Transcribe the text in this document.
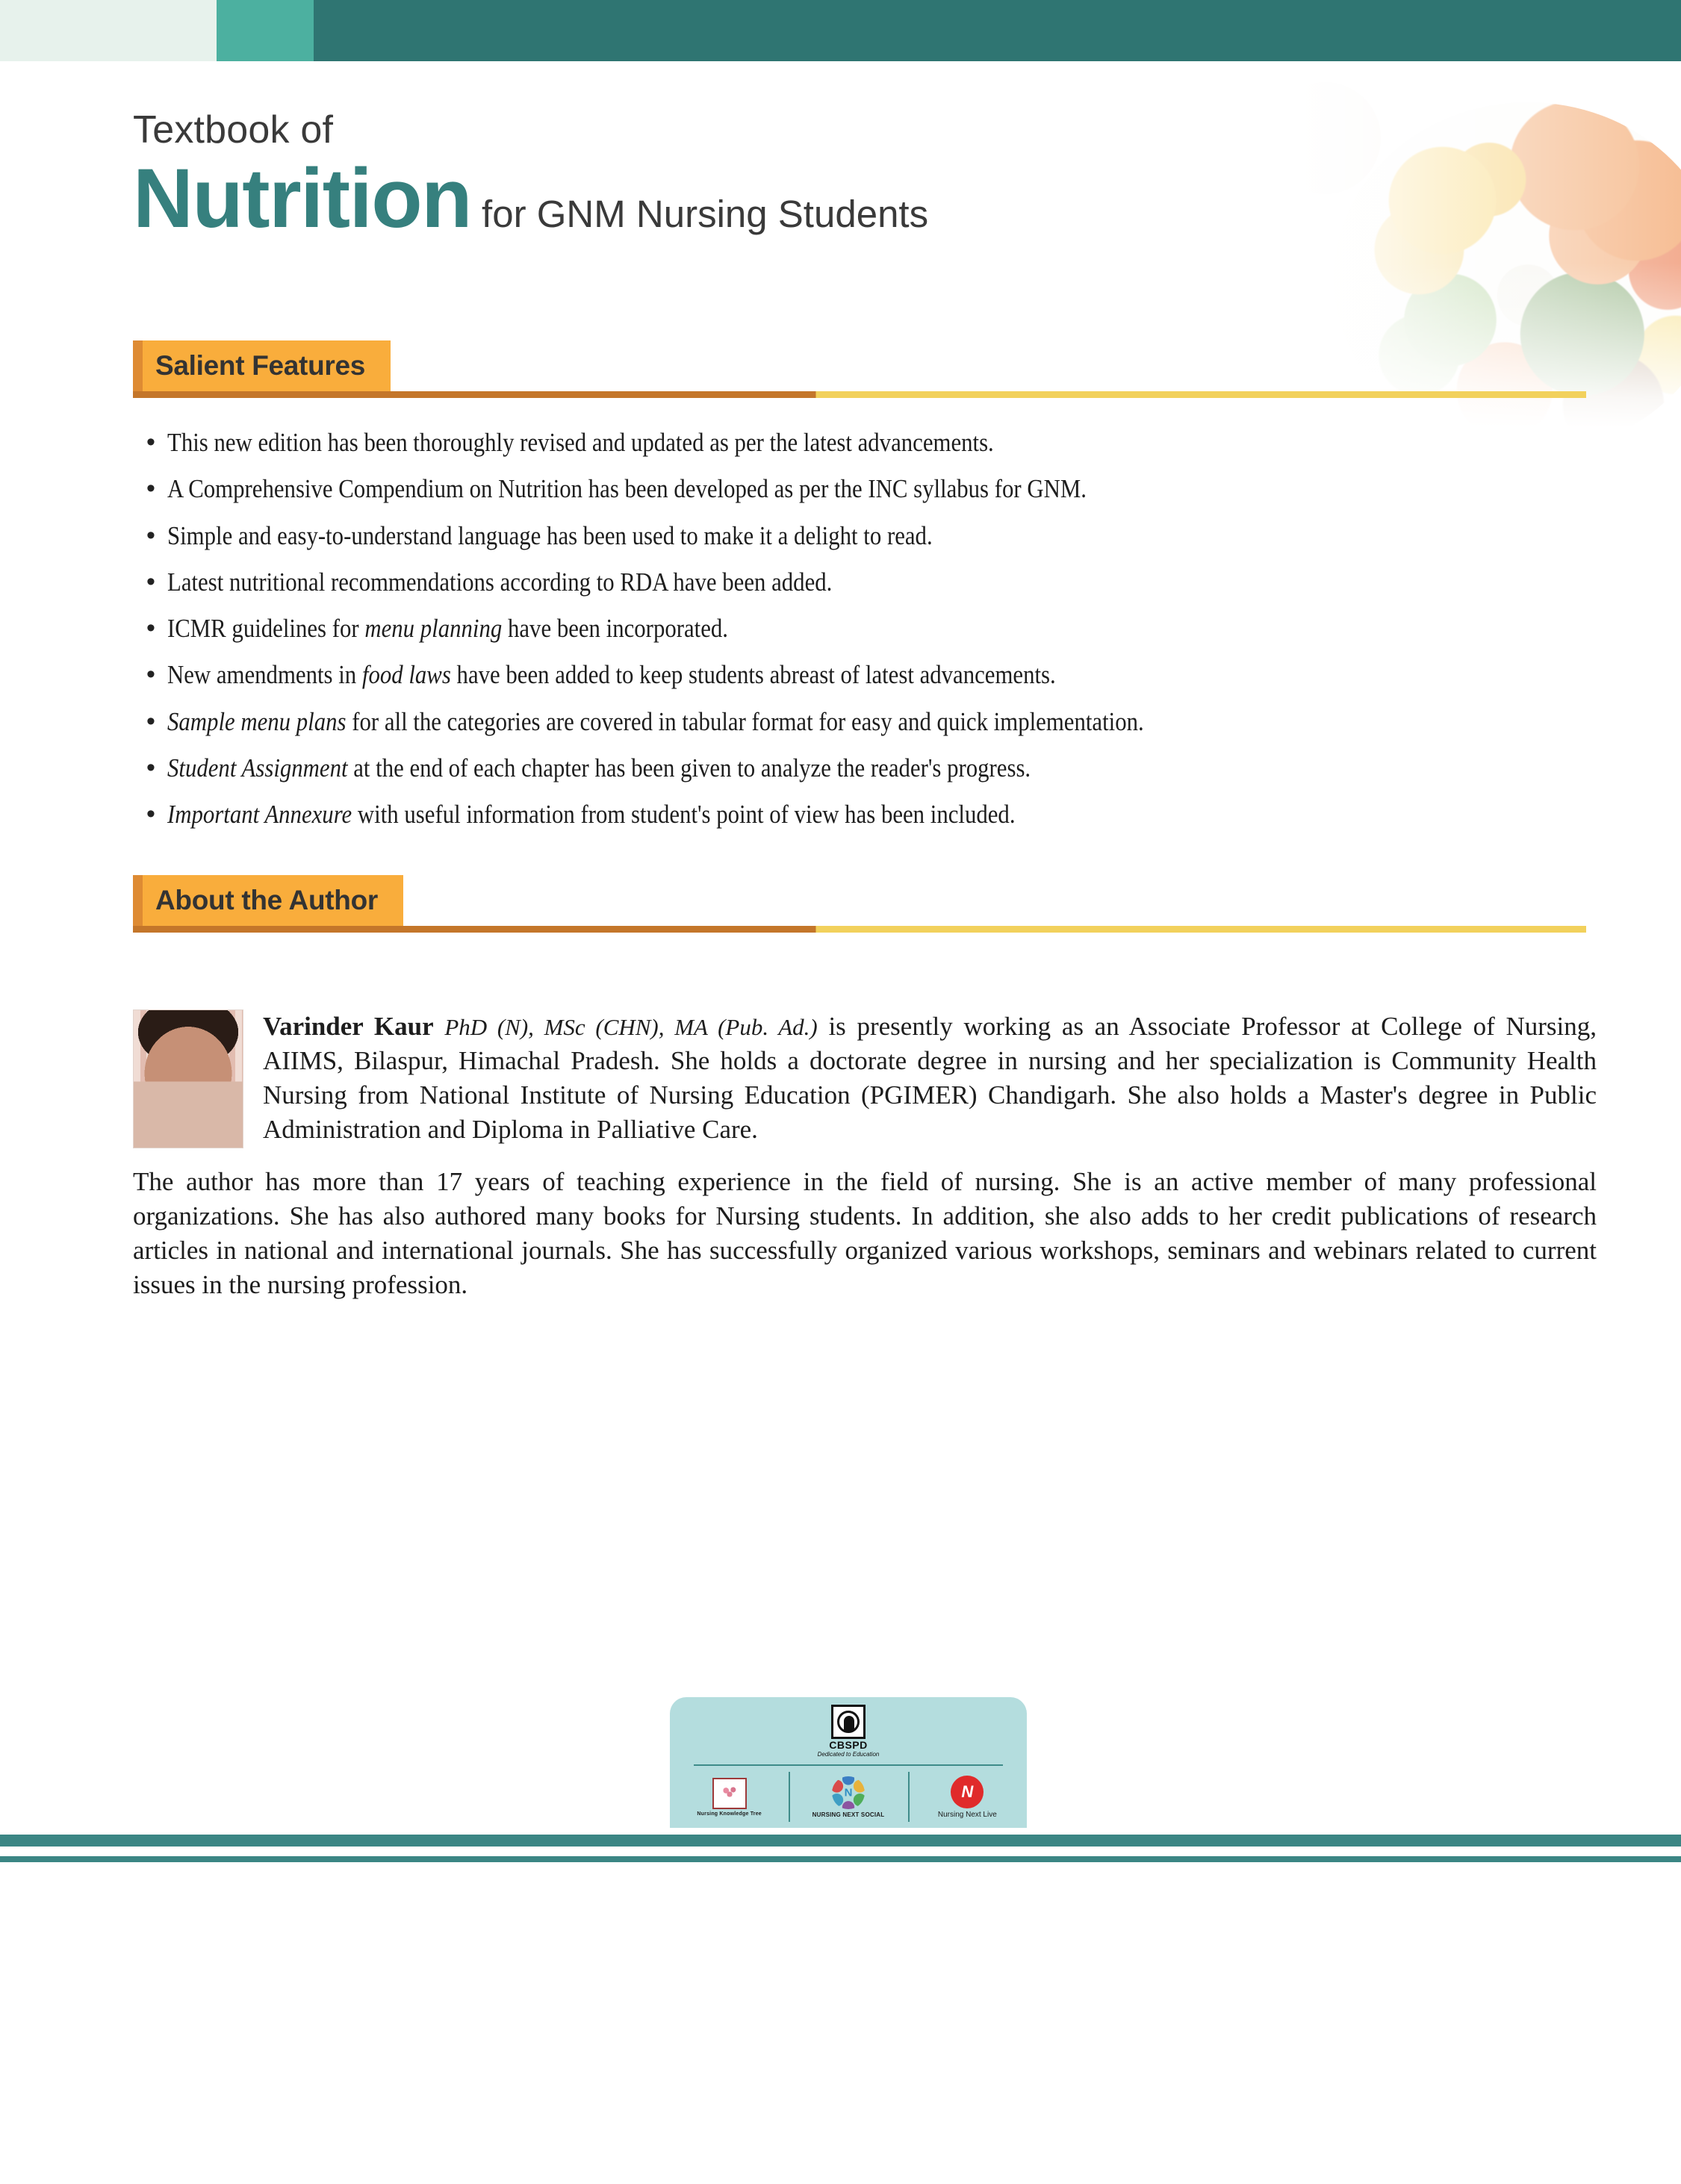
Textbook of
Nutrition for GNM Nursing Students
Salient Features
• This new edition has been thoroughly revised and updated as per the latest advancements.
• A Comprehensive Compendium on Nutrition has been developed as per the INC syllabus for GNM.
• Simple and easy-to-understand language has been used to make it a delight to read.
• Latest nutritional recommendations according to RDA have been added.
• ICMR guidelines for menu planning have been incorporated.
• New amendments in food laws have been added to keep students abreast of latest advancements.
• Sample menu plans for all the categories are covered in tabular format for easy and quick implementation.
• Student Assignment at the end of each chapter has been given to analyze the reader's progress.
• Important Annexure with useful information from student's point of view has been included.
About the Author
Varinder Kaur PhD (N), MSc (CHN), MA (Pub. Ad.) is presently working as an Associate Professor at College of Nursing, AIIMS, Bilaspur, Himachal Pradesh. She holds a doctorate degree in nursing and her specialization is Community Health Nursing from National Institute of Nursing Education (PGIMER) Chandigarh. She also holds a Master's degree in Public Administration and Diploma in Palliative Care.
The author has more than 17 years of teaching experience in the field of nursing. She is an active member of many professional organizations. She has also authored many books for Nursing students. In addition, she also adds to her credit publications of research articles in national and international journals. She has successfully organized various workshops, seminars and webinars related to current issues in the nursing profession.
CBSPD
Dedicated to Education
Nursing Knowledge Tree
N
NURSING NEXT SOCIAL
N
Nursing Next Live
